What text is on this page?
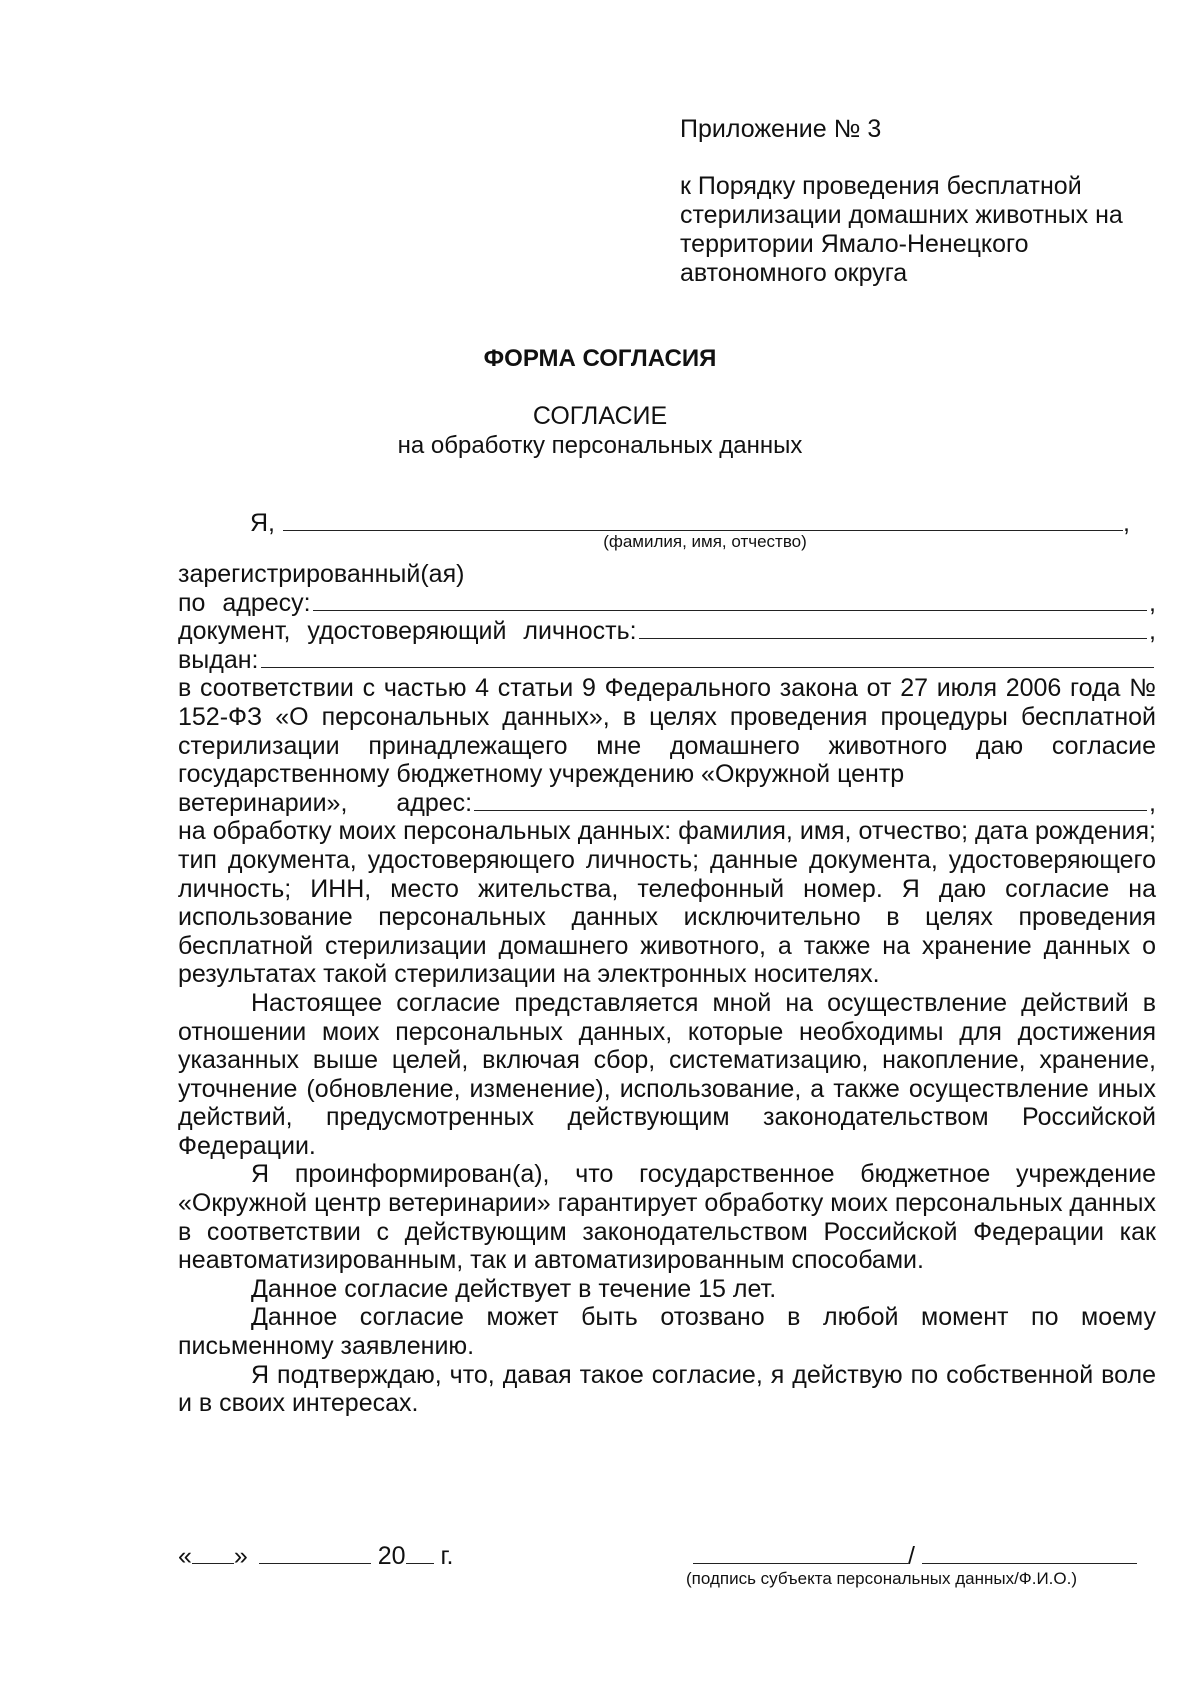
Приложение № 3
к Порядку проведения бесплатной
стерилизации домашних животных на
территории Ямало-Ненецкого
автономного округа
ФОРМА СОГЛАСИЯ
СОГЛАСИЕ
на обработку персональных данных
Я,	,
(фамилия, имя, отчество)
зарегистрированный(ая)
по адресу:	,
документ, удостоверяющий личность:	,
выдан:

в соответствии с частью 4 статьи 9 Федерального закона от 27 июля 2006 года № 152-ФЗ «О персональных данных», в целях проведения процедуры бесплатной стерилизации принадлежащего мне домашнего животного даю согласие государственному бюджетному учреждению «Окружной центр

ветеринарии», адрес:	,

на обработку моих персональных данных: фамилия, имя, отчество; дата рождения; тип документа, удостоверяющего личность; данные документа, удостоверяющего личность; ИНН, место жительства, телефонный номер. Я даю согласие на использование персональных данных исключительно в целях проведения бесплатной стерилизации домашнего животного, а также на хранение данных о результатах такой стерилизации на электронных носителях.

Настоящее согласие представляется мной на осуществление действий в отношении моих персональных данных, которые необходимы для достижения указанных выше целей, включая сбор, систематизацию, накопление, хранение, уточнение (обновление, изменение), использование, а также осуществление иных действий, предусмотренных действующим законодательством Российской Федерации.

Я проинформирован(а), что государственное бюджетное учреждение «Окружной центр ветеринарии» гарантирует обработку моих персональных данных в соответствии с действующим законодательством Российской Федерации как неавтоматизированным, так и автоматизированным способами.

Данное согласие действует в течение 15 лет.

Данное согласие может быть отозвано в любой момент по моему письменному заявлению.

Я подтверждаю, что, давая такое согласие, я действую по собственной воле и в своих интересах.

« »	20 г.	/
(подпись субъекта персональных данных/Ф.И.О.)
